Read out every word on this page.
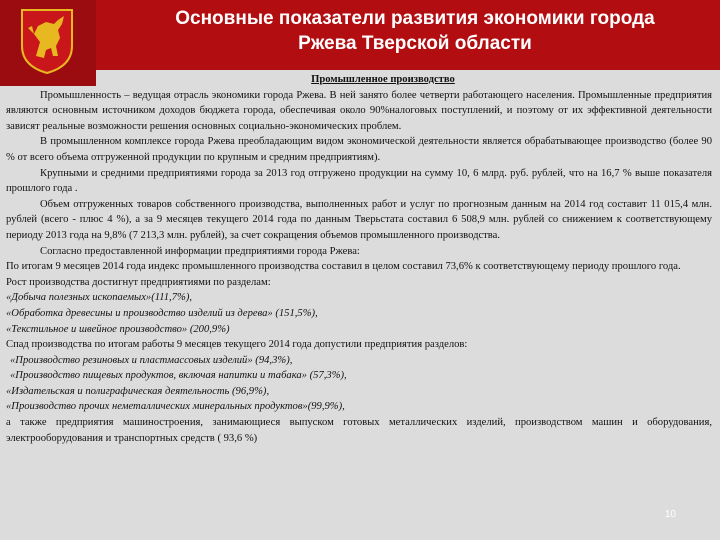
Основные показатели развития экономики города
Ржева Тверской области

Промышленное производство

Промышленность – ведущая отрасль экономики города Ржева. В ней занято более четверти работающего населения. Промышленные предприятия являются основным источником доходов бюджета города, обеспечивая около 90%налоговых поступлений, и поэтому от их эффективной деятельности зависят реальные возможности решения основных социально-экономических проблем.

В промышленном комплексе города Ржева преобладающим видом экономической деятельности является обрабатывающее производство (более 90 % от всего объема отгруженной продукции по крупным и средним предприятиям).

Крупными и средними предприятиями города за 2013 год отгружено продукции на сумму 10, 6 млрд. руб. рублей, что на 16,7 % выше показателя прошлого года .

Объем отгруженных товаров собственного производства, выполненных работ и услуг по прогнозным данным на 2014 год составит 11 015,4 млн. рублей (всего - плюс 4 %), а за 9 месяцев текущего 2014 года по данным Тверьстата составил 6 508,9 млн. рублей со снижением к соответствующему периоду 2013 года на 9,8% (7 213,3 млн. рублей), за счет сокращения объемов промышленного производства.

Согласно предоставленной информации предприятиями города Ржева:

По итогам 9 месяцев 2014 года индекс промышленного производства составил в целом составил 73,6% к соответствующему периоду прошлого года.

Рост производства достигнут предприятиями по разделам:

«Добыча полезных ископаемых»(111,7%),

«Обработка древесины и производство изделий из дерева» (151,5%),

«Текстильное и швейное производство» (200,9%)

Спад производства по итогам работы 9 месяцев текущего 2014 года допустили предприятия разделов:

«Производство резиновых и пластмассовых изделий» (94,3%),

«Производство пищевых продуктов, включая напитки и табака» (57,3%),

«Издательская и полиграфическая деятельность (96,9%),

«Производство прочих неметаллических минеральных продуктов»(99,9%),

а также предприятия машиностроения, занимающиеся выпуском готовых металлических изделий, производством машин и оборудования, электрооборудования и транспортных средств ( 93,6 %)

10
